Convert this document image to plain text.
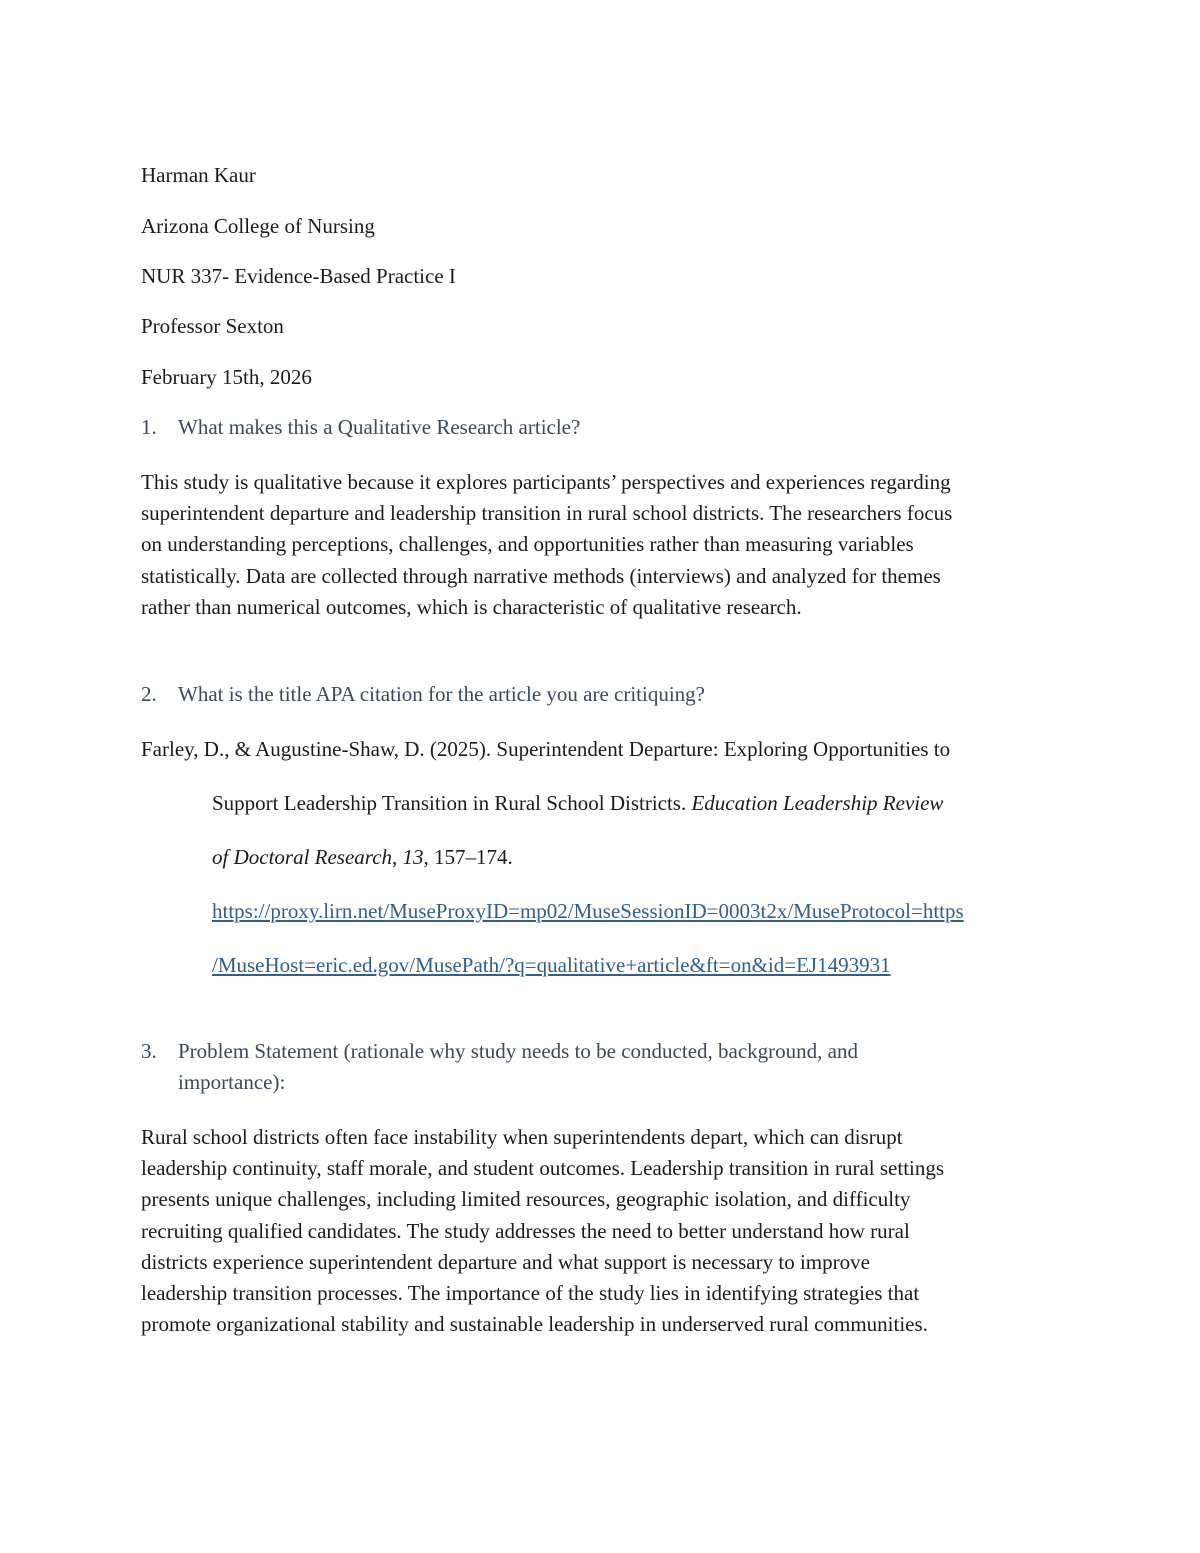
Harman Kaur
Arizona College of Nursing
NUR 337- Evidence-Based Practice I
Professor Sexton
February 15th, 2026
1. What makes this a Qualitative Research article?
This study is qualitative because it explores participants’ perspectives and experiences regarding
superintendent departure and leadership transition in rural school districts. The researchers focus
on understanding perceptions, challenges, and opportunities rather than measuring variables
statistically. Data are collected through narrative methods (interviews) and analyzed for themes
rather than numerical outcomes, which is characteristic of qualitative research.
2. What is the title APA citation for the article you are critiquing?
Farley, D., & Augustine-Shaw, D. (2025). Superintendent Departure: Exploring Opportunities to
Support Leadership Transition in Rural School Districts. Education Leadership Review
of Doctoral Research, 13, 157–174.
https://proxy.lirn.net/MuseProxyID=mp02/MuseSessionID=0003t2x/MuseProtocol=https
/MuseHost=eric.ed.gov/MusePath/?q=qualitative+article&ft=on&id=EJ1493931
3. Problem Statement (rationale why study needs to be conducted, background, and
importance):
Rural school districts often face instability when superintendents depart, which can disrupt
leadership continuity, staff morale, and student outcomes. Leadership transition in rural settings
presents unique challenges, including limited resources, geographic isolation, and difficulty
recruiting qualified candidates. The study addresses the need to better understand how rural
districts experience superintendent departure and what support is necessary to improve
leadership transition processes. The importance of the study lies in identifying strategies that
promote organizational stability and sustainable leadership in underserved rural communities.
